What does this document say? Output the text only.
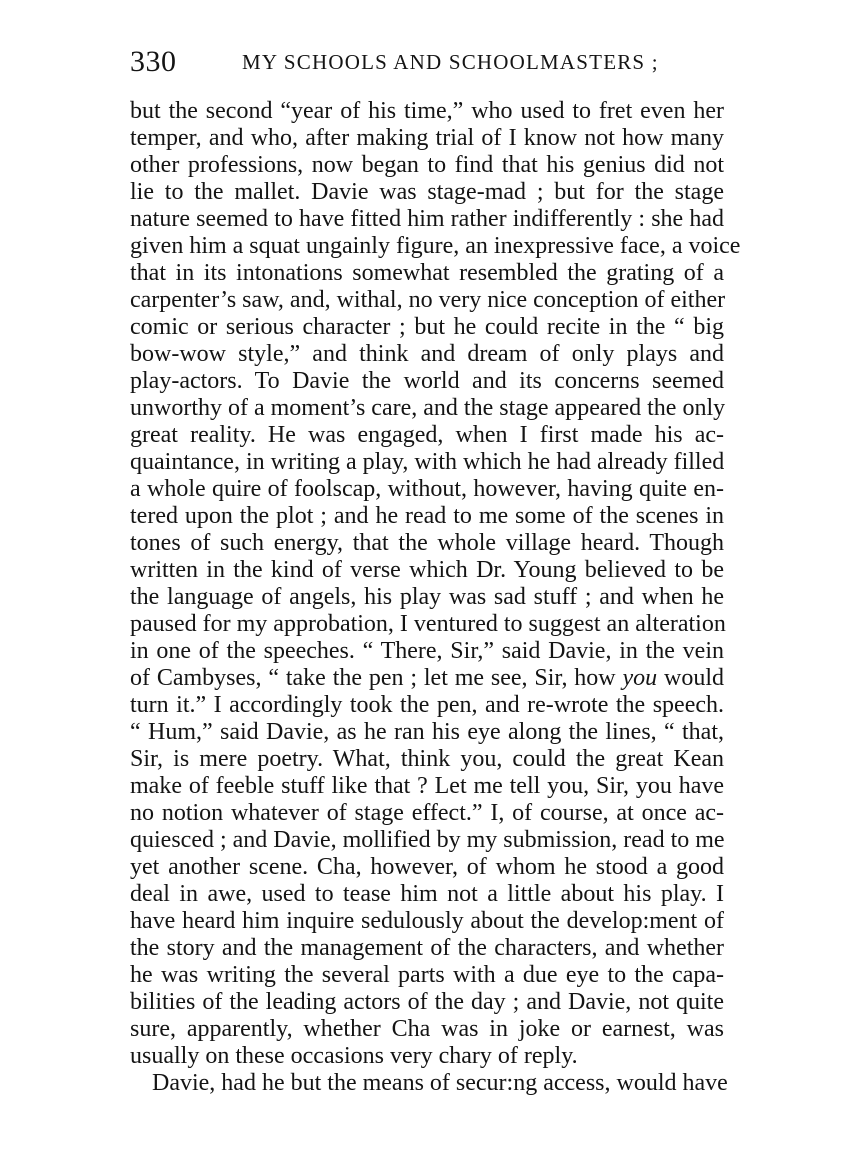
330	MY SCHOOLS AND SCHOOLMASTERS ;
but the second “year of his time,” who used to fret even her
temper, and who, after making trial of I know not how many
other professions, now began to find that his genius did not
lie to the mallet. Davie was stage-mad ; but for the stage
nature seemed to have fitted him rather indifferently : she had
given him a squat ungainly figure, an inexpressive face, a voice
that in its intonations somewhat resembled the grating of a
carpenter’s saw, and, withal, no very nice conception of either
comic or serious character ; but he could recite in the “ big
bow-wow style,” and think and dream of only plays and
play-actors. To Davie the world and its concerns seemed
unworthy of a moment’s care, and the stage appeared the only
great reality. He was engaged, when I first made his ac-
quaintance, in writing a play, with which he had already filled
a whole quire of foolscap, without, however, having quite en-
tered upon the plot ; and he read to me some of the scenes in
tones of such energy, that the whole village heard. Though
written in the kind of verse which Dr. Young believed to be
the language of angels, his play was sad stuff ; and when he
paused for my approbation, I ventured to suggest an alteration
in one of the speeches. “ There, Sir,” said Davie, in the vein
of Cambyses, “ take the pen ; let me see, Sir, how you would
turn it.” I accordingly took the pen, and re-wrote the speech.
“ Hum,” said Davie, as he ran his eye along the lines, “ that,
Sir, is mere poetry. What, think you, could the great Kean
make of feeble stuff like that ? Let me tell you, Sir, you have
no notion whatever of stage effect.” I, of course, at once ac-
quiesced ; and Davie, mollified by my submission, read to me
yet another scene. Cha, however, of whom he stood a good
deal in awe, used to tease him not a little about his play. I
have heard him inquire sedulously about the develop:ment of
the story and the management of the characters, and whether
he was writing the several parts with a due eye to the capa-
bilities of the leading actors of the day ; and Davie, not quite
sure, apparently, whether Cha was in joke or earnest, was
usually on these occasions very chary of reply.
Davie, had he but the means of secur:ng access, would have
